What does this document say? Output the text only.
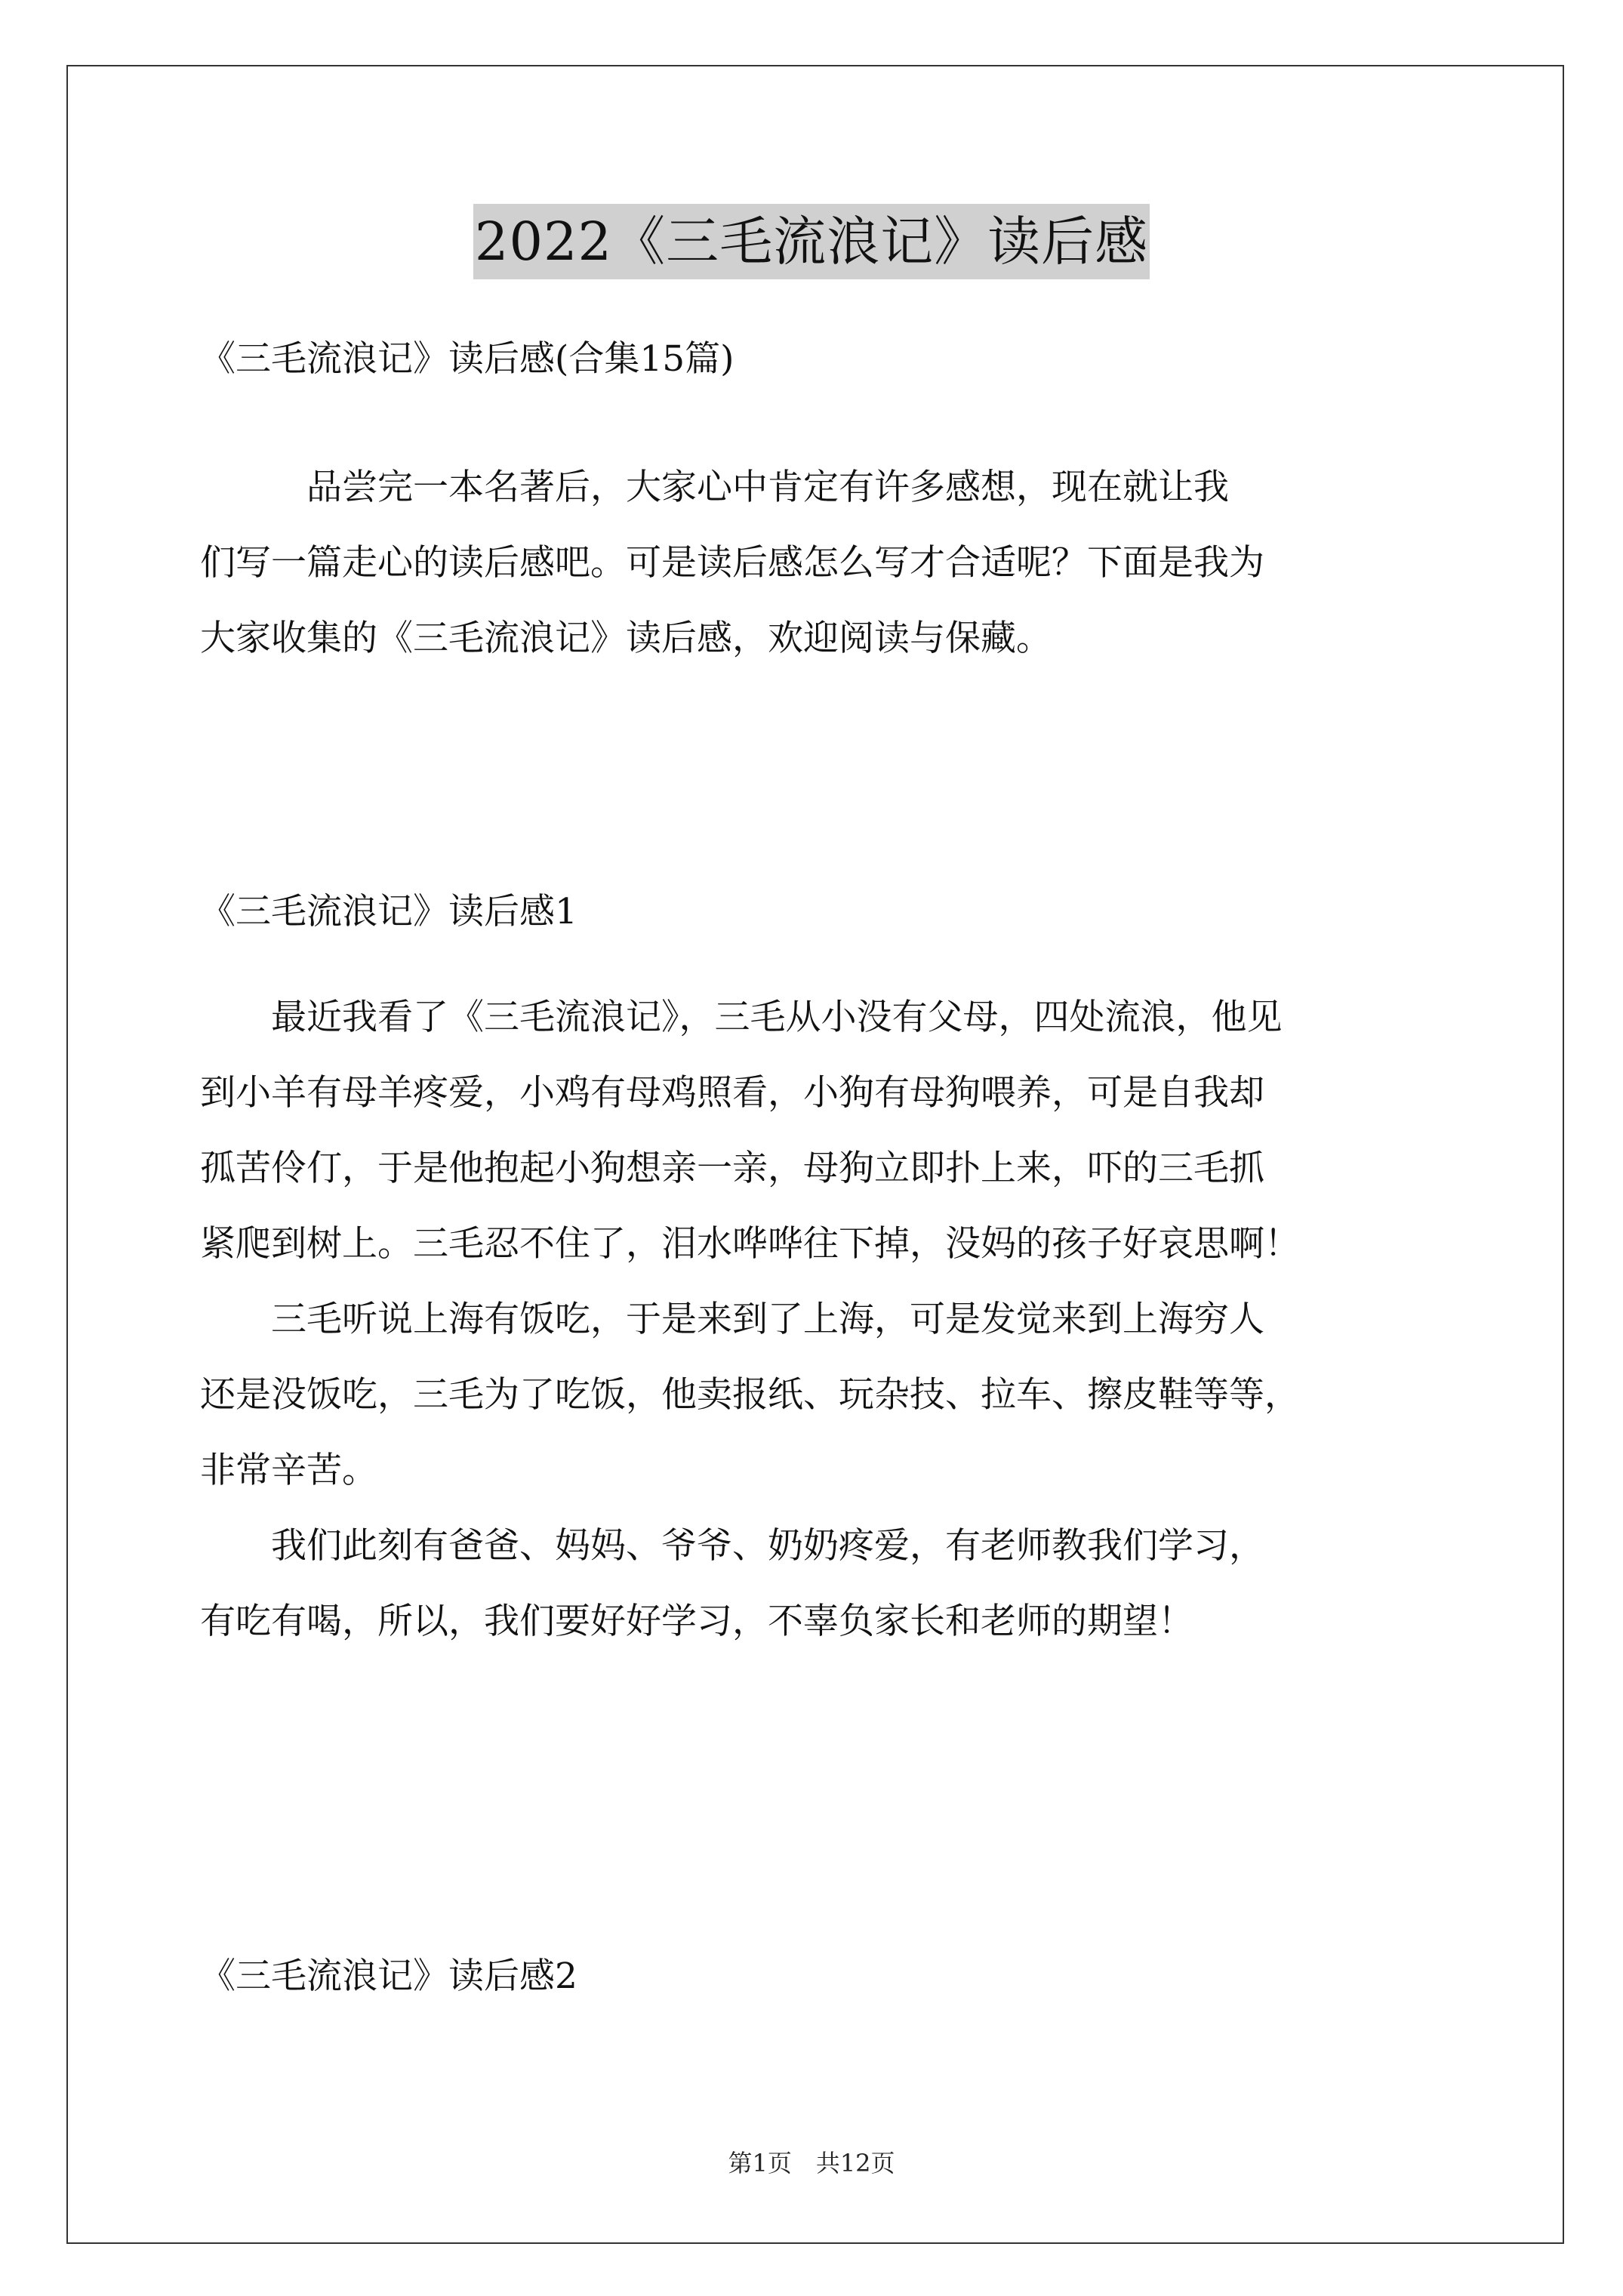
2022《三毛流浪记》读后感
《三毛流浪记》读后感(合集15篇)
　　　品尝完一本名著后，大家心中肯定有许多感想，现在就让我
们写一篇走心的读后感吧。可是读后感怎么写才合适呢？下面是我为
大家收集的《三毛流浪记》读后感，欢迎阅读与保藏。
《三毛流浪记》读后感1
　　最近我看了《三毛流浪记》，三毛从小没有父母，四处流浪，他见
到小羊有母羊疼爱，小鸡有母鸡照看，小狗有母狗喂养，可是自我却
孤苦伶仃，于是他抱起小狗想亲一亲，母狗立即扑上来，吓的三毛抓
紧爬到树上。三毛忍不住了，泪水哗哗往下掉，没妈的孩子好哀思啊！
　　三毛听说上海有饭吃，于是来到了上海，可是发觉来到上海穷人
还是没饭吃，三毛为了吃饭，他卖报纸、玩杂技、拉车、擦皮鞋等等，
非常辛苦。
　　我们此刻有爸爸、妈妈、爷爷、奶奶疼爱，有老师教我们学习，
有吃有喝，所以，我们要好好学习，不辜负家长和老师的期望！
《三毛流浪记》读后感2
第1页　共12页
